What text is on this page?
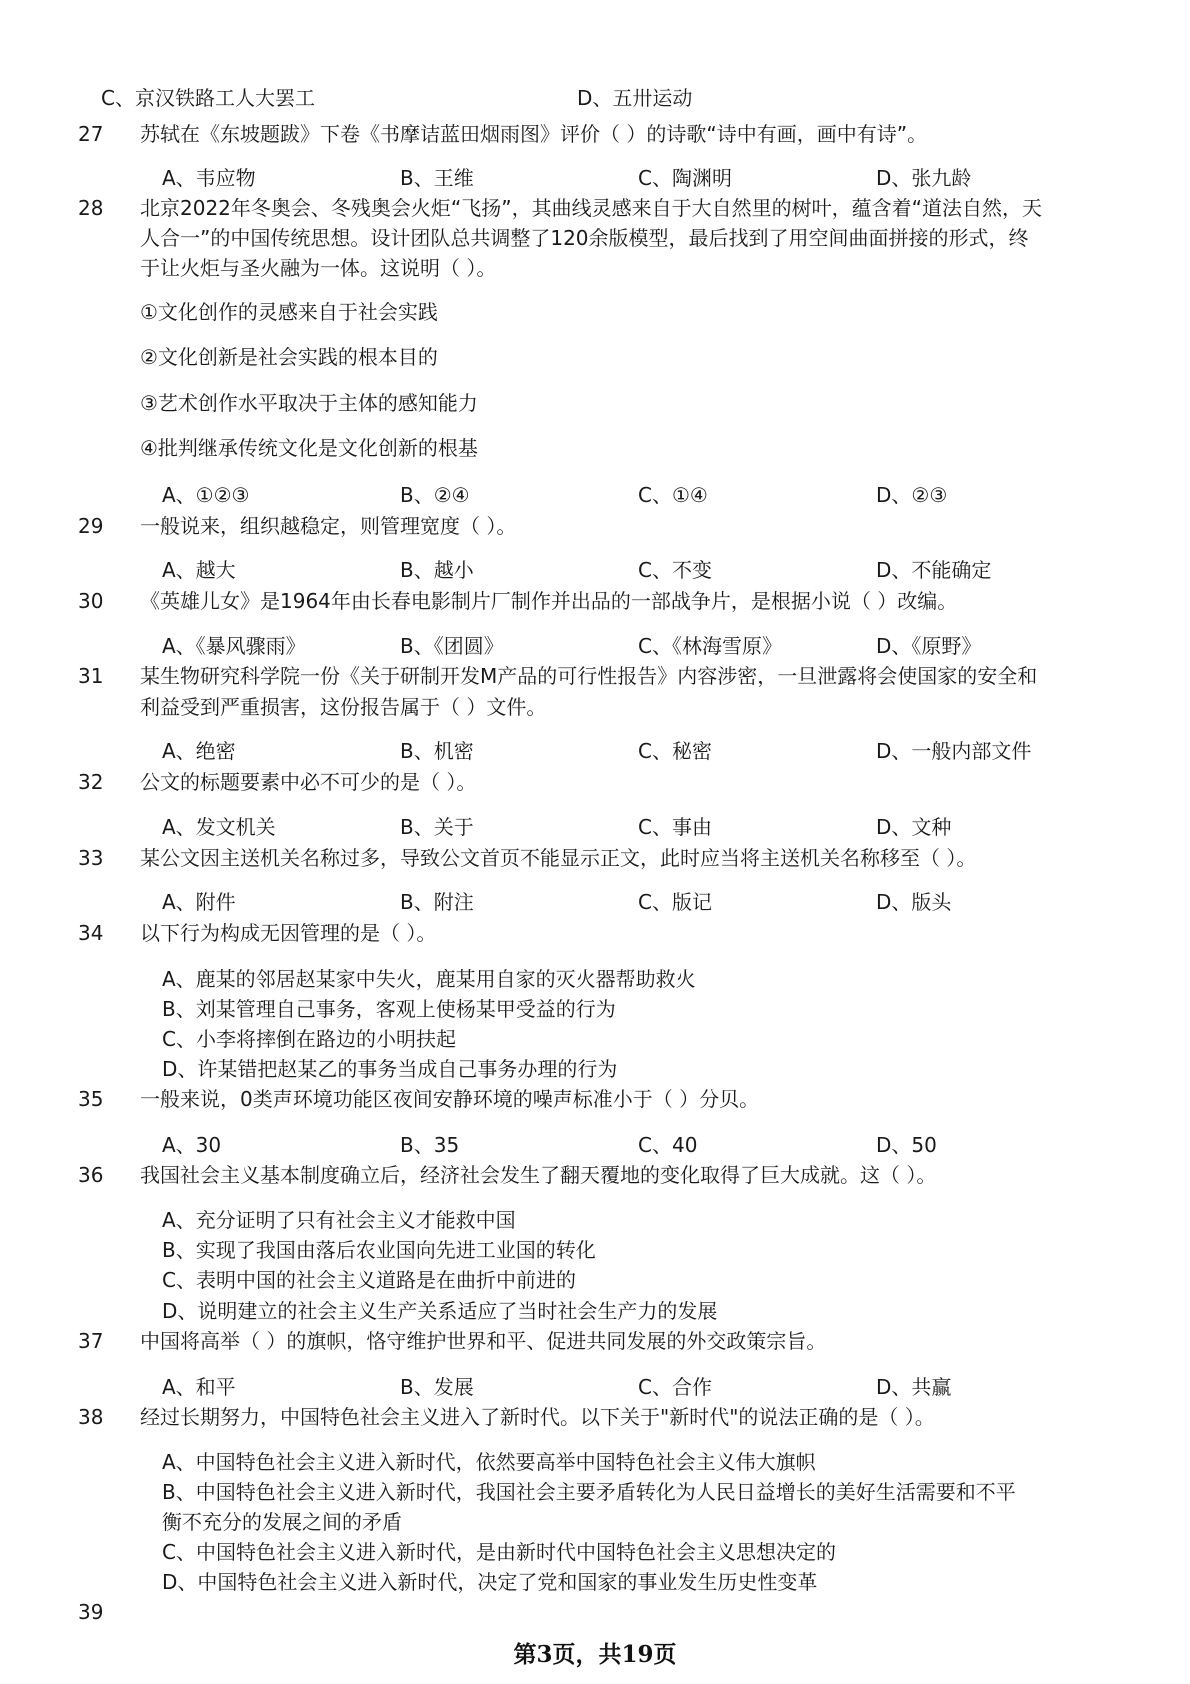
C、京汉铁路工人大罢工	D、五卅运动
27	苏轼在《东坡题跋》下卷《书摩诘蓝田烟雨图》评价（ ）的诗歌“诗中有画，画中有诗”。
A、韦应物	B、王维	C、陶渊明	D、张九龄
28	北京2022年冬奥会、冬残奥会火炬“飞扬”，其曲线灵感来自于大自然里的树叶，蕴含着“道法自然，天
人合一”的中国传统思想。设计团队总共调整了120余版模型，最后找到了用空间曲面拼接的形式，终
于让火炬与圣火融为一体。这说明（ ）。
①文化创作的灵感来自于社会实践
②文化创新是社会实践的根本目的
③艺术创作水平取决于主体的感知能力
④批判继承传统文化是文化创新的根基
A、①②③	B、②④	C、①④	D、②③
29	一般说来，组织越稳定，则管理宽度（ ）。
A、越大	B、越小	C、不变	D、不能确定
30	《英雄儿女》是1964年由长春电影制片厂制作并出品的一部战争片，是根据小说（ ）改编。
A、《暴风骤雨》	B、《团圆》	C、《林海雪原》	D、《原野》
31	某生物研究科学院一份《关于研制开发M产品的可行性报告》内容涉密，一旦泄露将会使国家的安全和
利益受到严重损害，这份报告属于（ ）文件。
A、绝密	B、机密	C、秘密	D、一般内部文件
32	公文的标题要素中必不可少的是（ ）。
A、发文机关	B、关于	C、事由	D、文种
33	某公文因主送机关名称过多，导致公文首页不能显示正文，此时应当将主送机关名称移至（ ）。
A、附件	B、附注	C、版记	D、版头
34	以下行为构成无因管理的是（ ）。
A、鹿某的邻居赵某家中失火，鹿某用自家的灭火器帮助救火
B、刘某管理自己事务，客观上使杨某甲受益的行为
C、小李将摔倒在路边的小明扶起
D、许某错把赵某乙的事务当成自己事务办理的行为
35	一般来说，0类声环境功能区夜间安静环境的噪声标准小于（ ）分贝。
A、30	B、35	C、40	D、50
36	我国社会主义基本制度确立后，经济社会发生了翻天覆地的变化取得了巨大成就。这（ ）。
A、充分证明了只有社会主义才能救中国
B、实现了我国由落后农业国向先进工业国的转化
C、表明中国的社会主义道路是在曲折中前进的
D、说明建立的社会主义生产关系适应了当时社会生产力的发展
37	中国将高举（ ）的旗帜，恪守维护世界和平、促进共同发展的外交政策宗旨。
A、和平	B、发展	C、合作	D、共赢
38	经过长期努力，中国特色社会主义进入了新时代。以下关于"新时代"的说法正确的是（ ）。
A、中国特色社会主义进入新时代，依然要高举中国特色社会主义伟大旗帜
B、中国特色社会主义进入新时代，我国社会主要矛盾转化为人民日益增长的美好生活需要和不平
衡不充分的发展之间的矛盾
C、中国特色社会主义进入新时代，是由新时代中国特色社会主义思想决定的
D、中国特色社会主义进入新时代，决定了党和国家的事业发生历史性变革
39
第3页，共19页
